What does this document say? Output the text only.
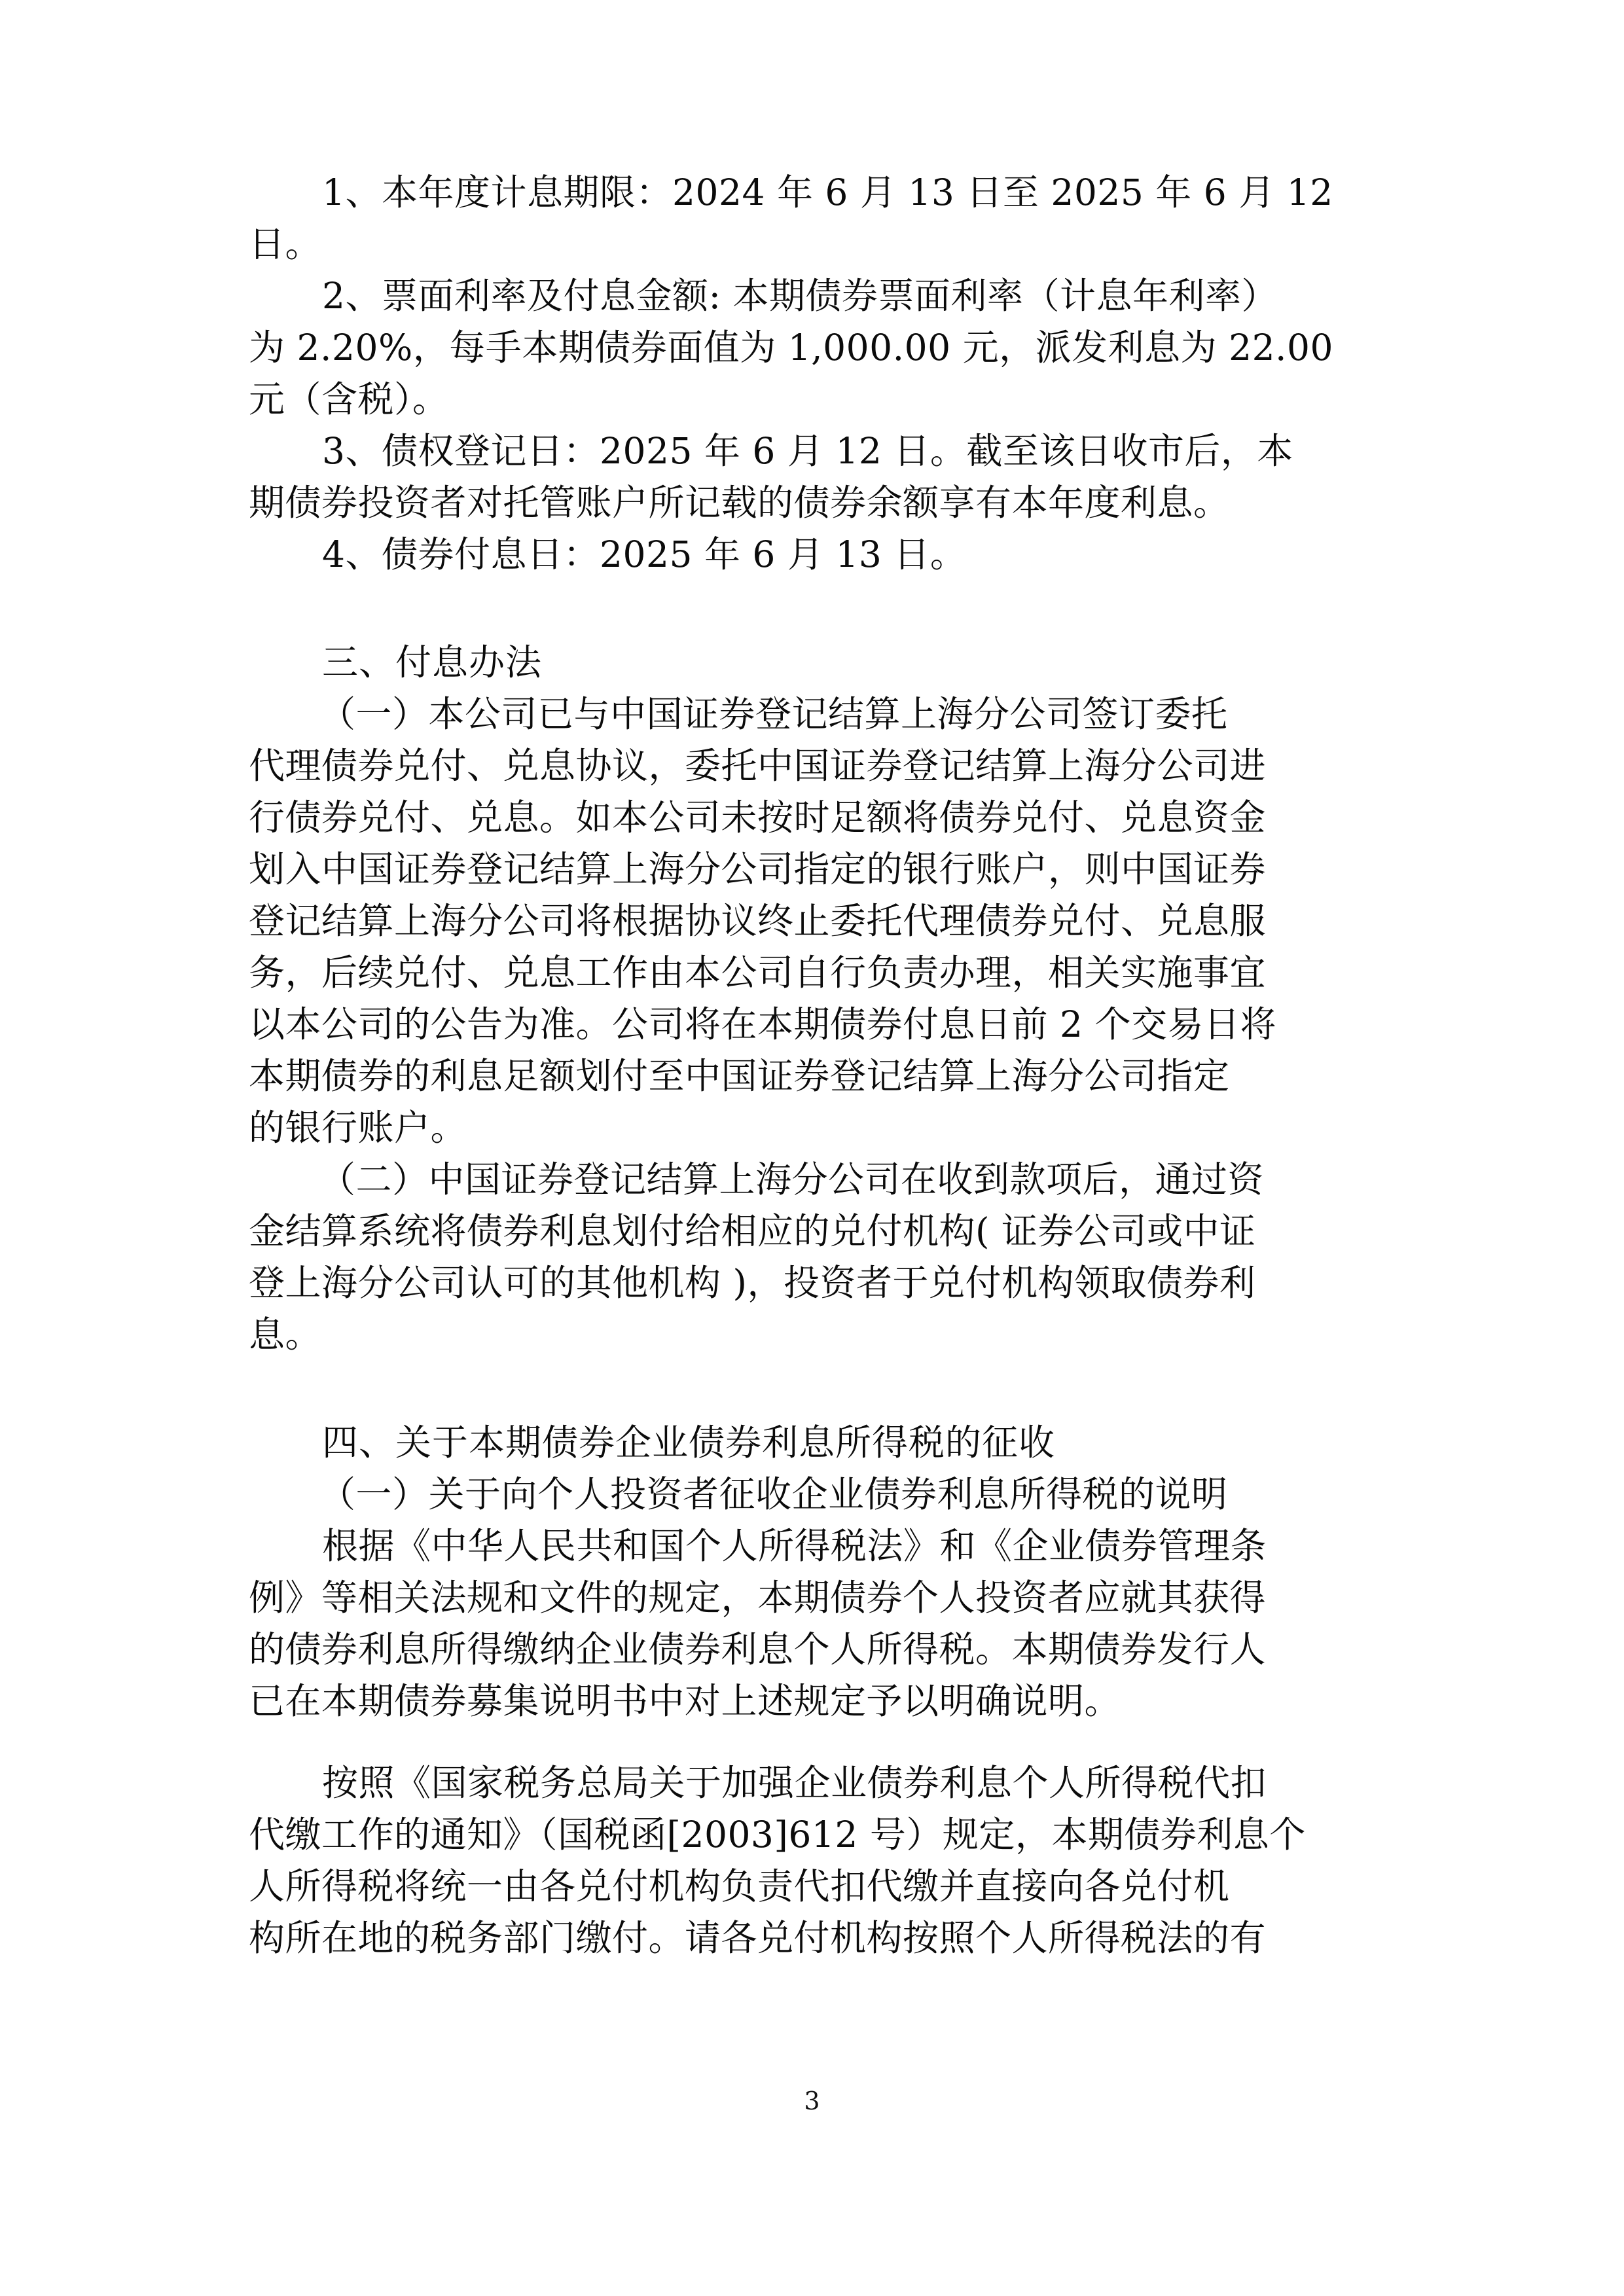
1、本年度计息期限：2024 年 6 月 13 日至 2025 年 6 月 12
日。
2、票面利率及付息金额: 本期债券票面利率（计息年利率）
为 2.20%，每手本期债券面值为 1,000.00 元，派发利息为 22.00
元（含税）。
3、债权登记日：2025 年 6 月 12 日。截至该日收市后，本
期债券投资者对托管账户所记载的债券余额享有本年度利息。
4、债券付息日：2025 年 6 月 13 日。
三、付息办法
（一）本公司已与中国证券登记结算上海分公司签订委托
代理债券兑付、兑息协议，委托中国证券登记结算上海分公司进
行债券兑付、兑息。如本公司未按时足额将债券兑付、兑息资金
划入中国证券登记结算上海分公司指定的银行账户，则中国证券
登记结算上海分公司将根据协议终止委托代理债券兑付、兑息服
务，后续兑付、兑息工作由本公司自行负责办理，相关实施事宜
以本公司的公告为准。公司将在本期债券付息日前 2 个交易日将
本期债券的利息足额划付至中国证券登记结算上海分公司指定
的银行账户。
（二）中国证券登记结算上海分公司在收到款项后，通过资
金结算系统将债券利息划付给相应的兑付机构( 证券公司或中证
登上海分公司认可的其他机构 )，投资者于兑付机构领取债券利
息。
四、关于本期债券企业债券利息所得税的征收
（一）关于向个人投资者征收企业债券利息所得税的说明
根据《中华人民共和国个人所得税法》和《企业债券管理条
例》等相关法规和文件的规定，本期债券个人投资者应就其获得
的债券利息所得缴纳企业债券利息个人所得税。本期债券发行人
已在本期债券募集说明书中对上述规定予以明确说明。
按照《国家税务总局关于加强企业债券利息个人所得税代扣
代缴工作的通知》（国税函[2003]612 号）规定，本期债券利息个
人所得税将统一由各兑付机构负责代扣代缴并直接向各兑付机
构所在地的税务部门缴付。请各兑付机构按照个人所得税法的有
3
